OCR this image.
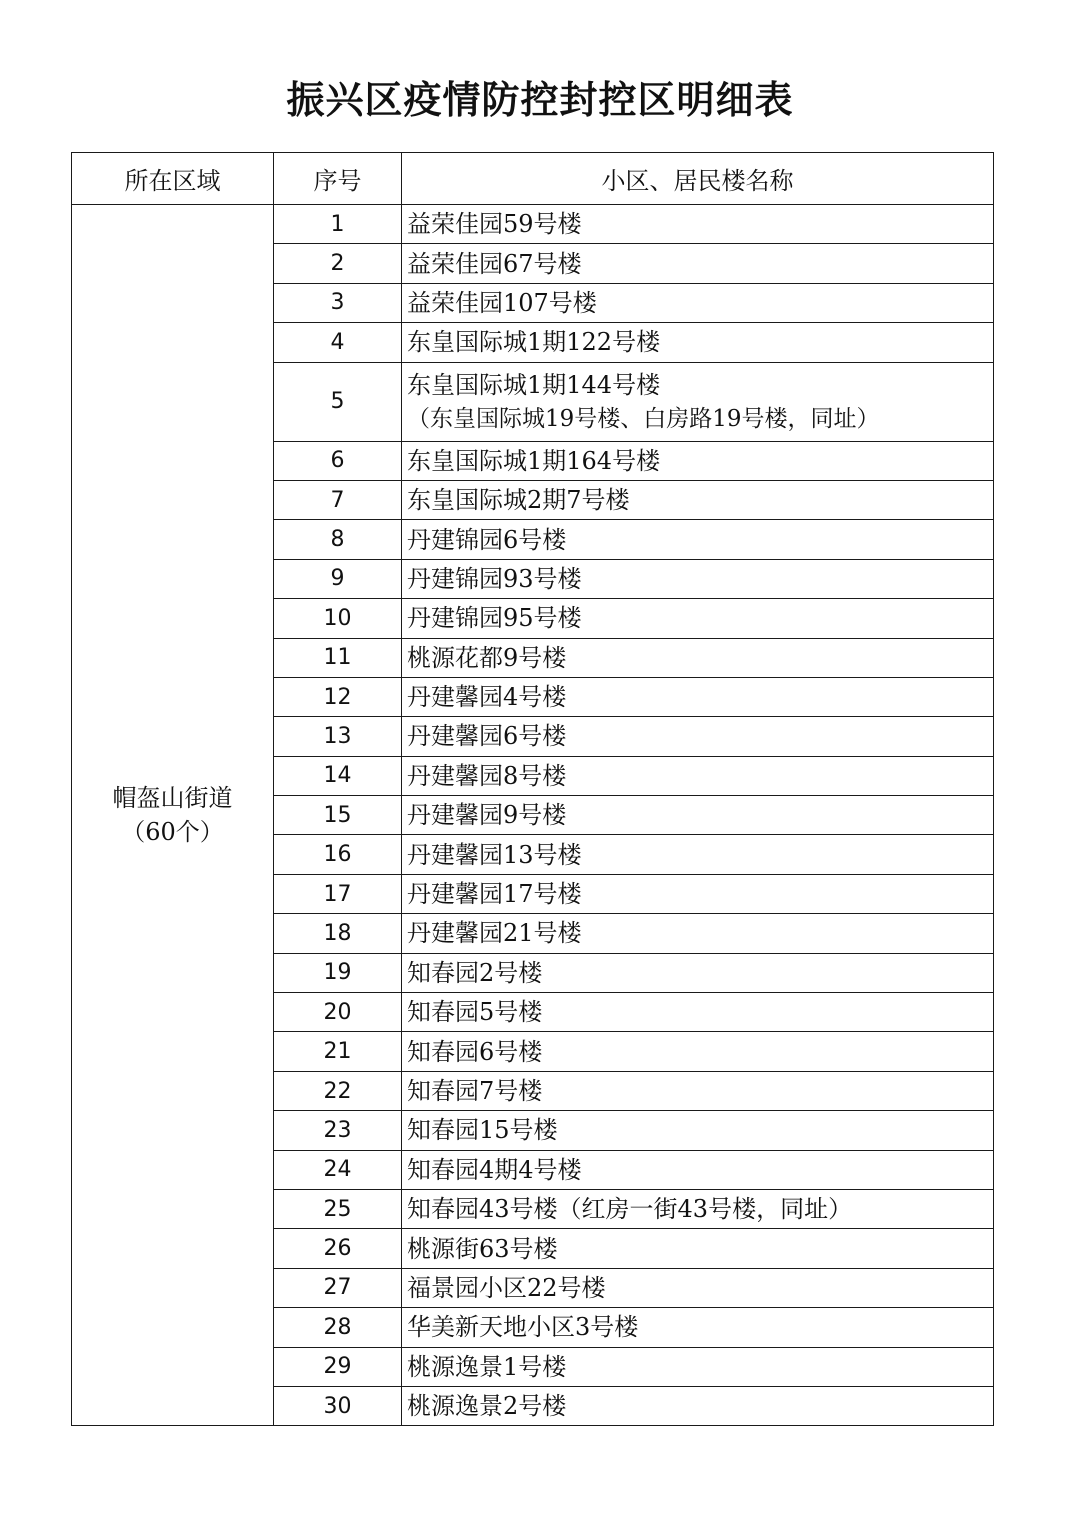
振兴区疫情防控封控区明细表
所在区域	序号	小区、居民楼名称

帽盔山街道
（60个）	1	益荣佳园59号楼
	2	益荣佳园67号楼
	3	益荣佳园107号楼
	4	东皇国际城1期122号楼
	5	东皇国际城1期144号楼
（东皇国际城19号楼、白房路19号楼，同址）

	6	东皇国际城1期164号楼
	7	东皇国际城2期7号楼
	8	丹建锦园6号楼
	9	丹建锦园93号楼
	10	丹建锦园95号楼
	11	桃源花都9号楼
	12	丹建馨园4号楼
	13	丹建馨园6号楼
	14	丹建馨园8号楼
	15	丹建馨园9号楼
	16	丹建馨园13号楼
	17	丹建馨园17号楼
	18	丹建馨园21号楼
	19	知春园2号楼
	20	知春园5号楼
	21	知春园6号楼
	22	知春园7号楼
	23	知春园15号楼
	24	知春园4期4号楼
	25	知春园43号楼（红房一街43号楼，同址）
	26	桃源街63号楼
	27	福景园小区22号楼
	28	华美新天地小区3号楼
	29	桃源逸景1号楼
	30	桃源逸景2号楼
